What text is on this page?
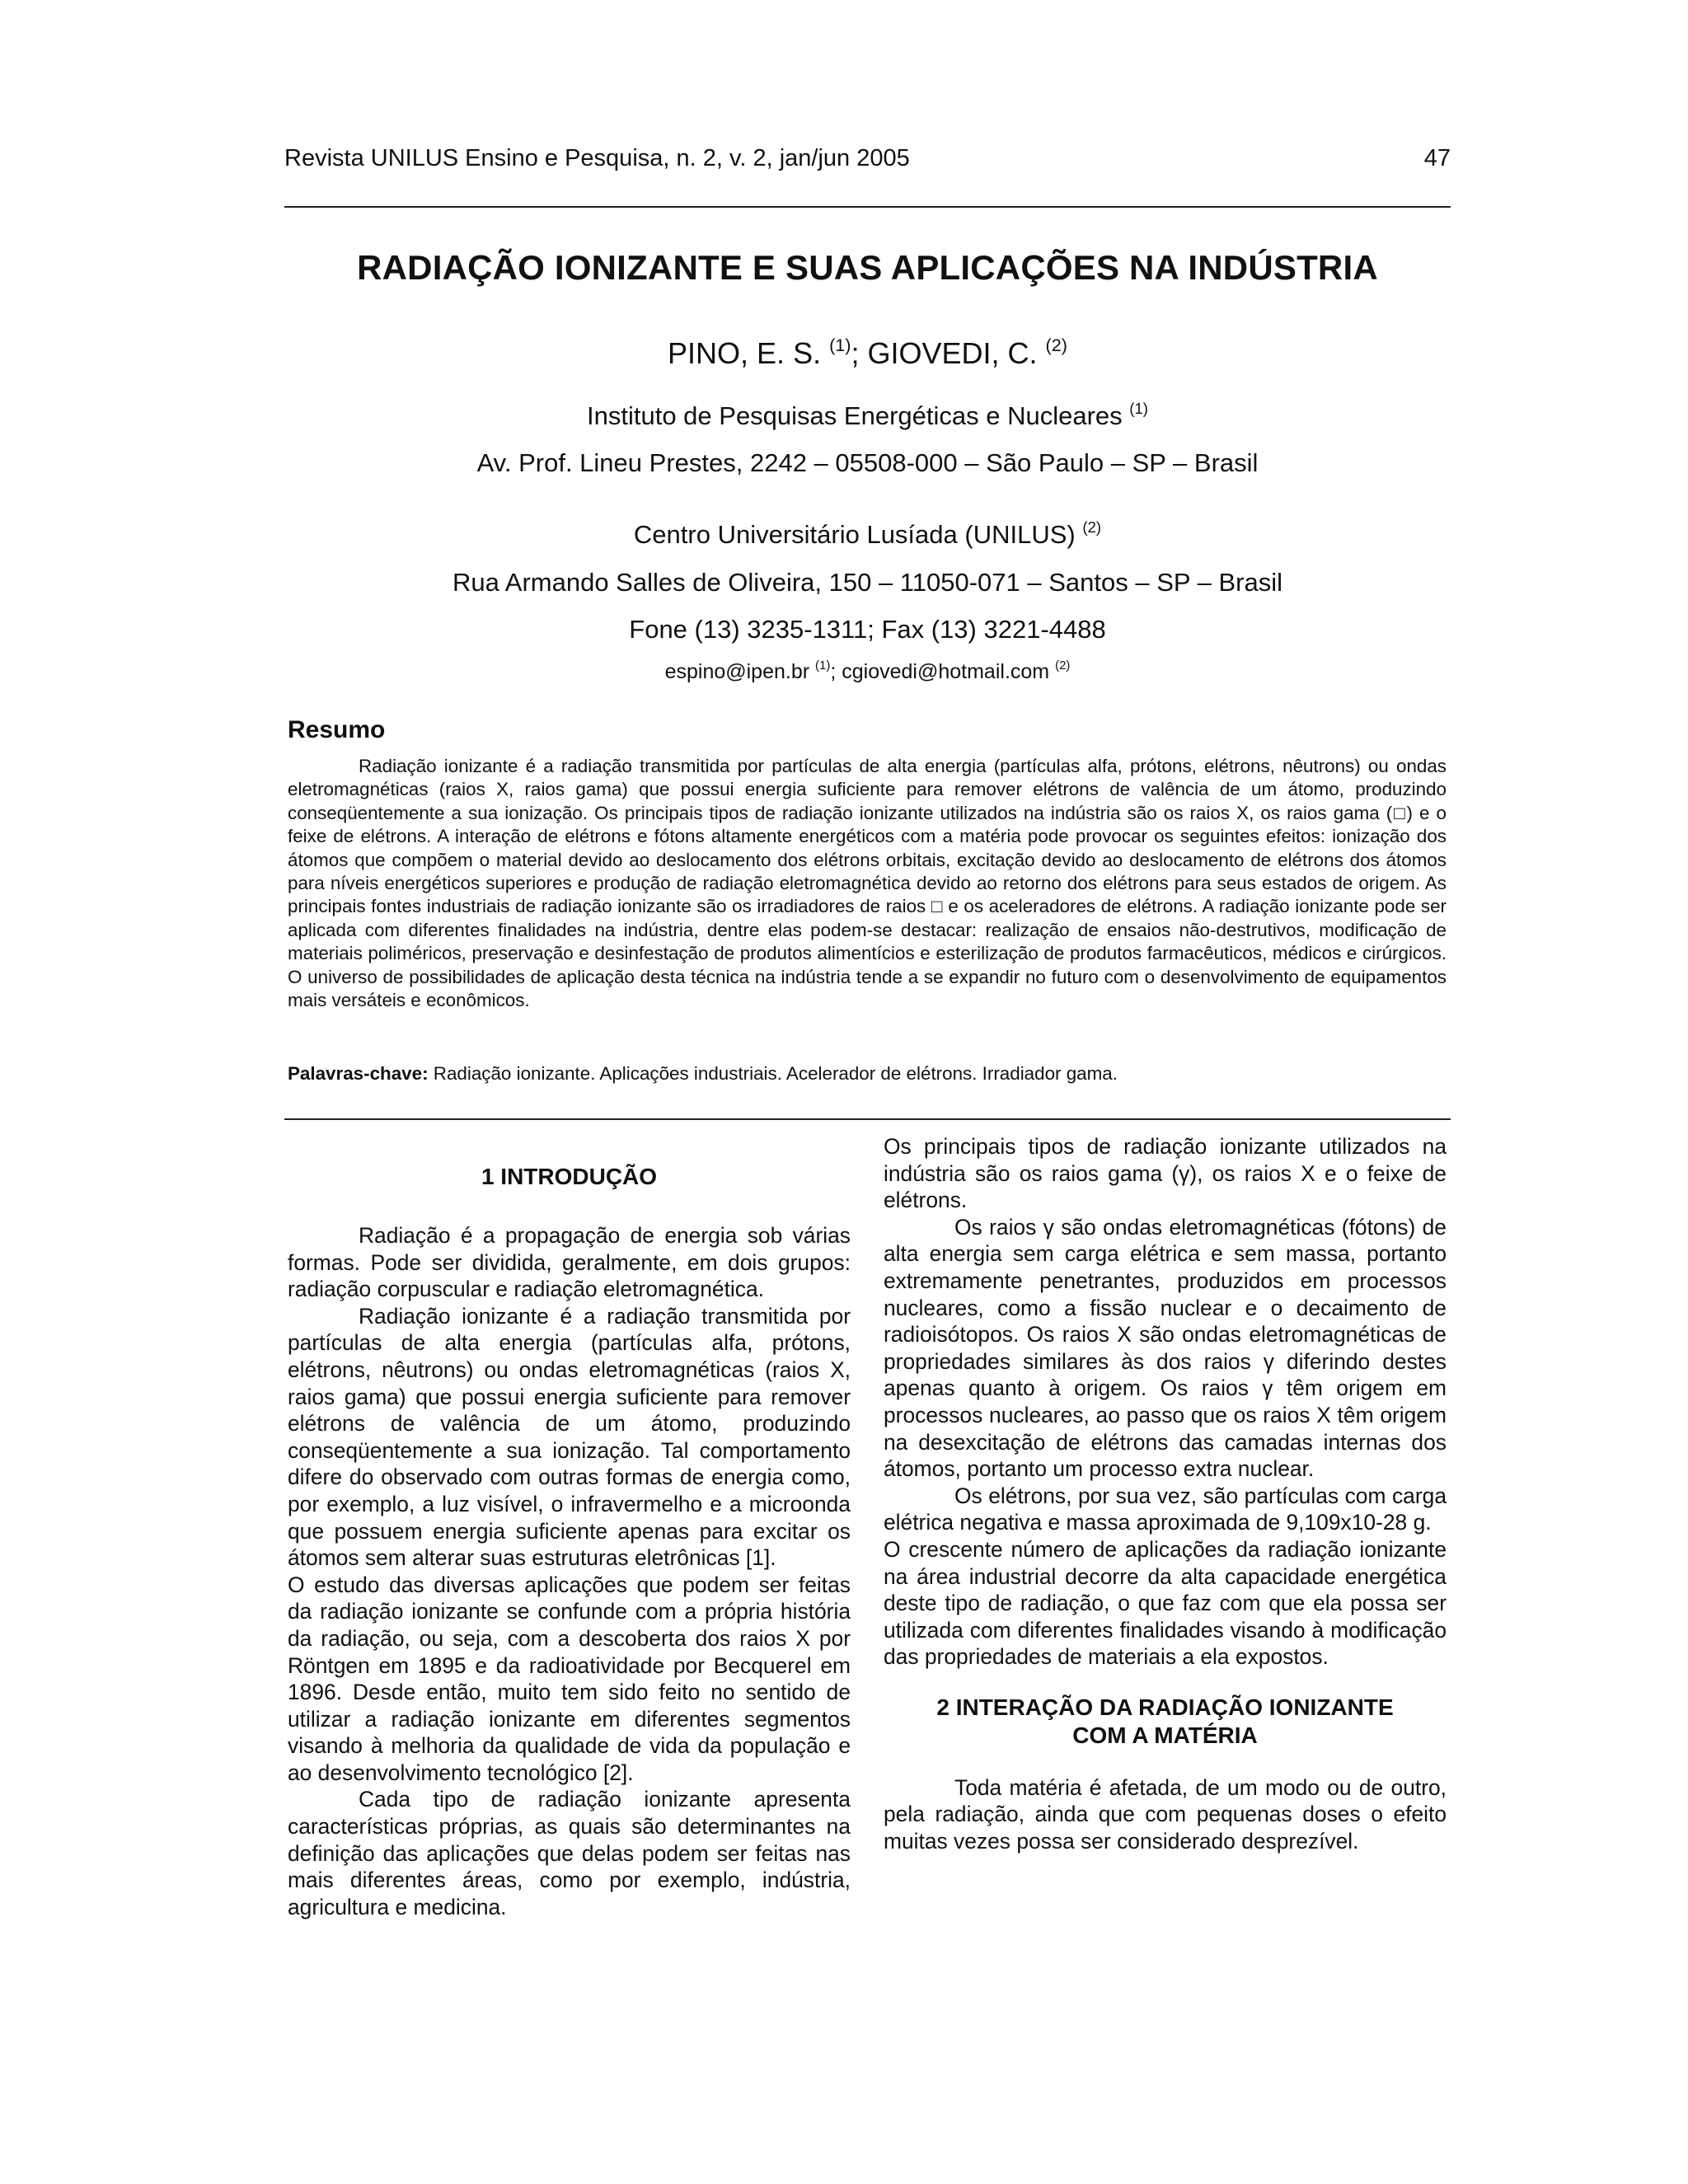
Revista UNILUS Ensino e Pesquisa, n. 2, v. 2, jan/jun 2005	47
RADIAÇÃO IONIZANTE E SUAS APLICAÇÕES NA INDÚSTRIA
PINO, E. S. $^{(1)}$; GIOVEDI, C. $^{(2)}$
Instituto de Pesquisas Energéticas e Nucleares $^{(1)}$
Av. Prof. Lineu Prestes, 2242 – 05508-000 – São Paulo – SP – Brasil
Centro Universitário Lusíada (UNILUS) $^{(2)}$
Rua Armando Salles de Oliveira, 150 – 11050-071 – Santos – SP – Brasil
Fone (13) 3235-1311; Fax (13) 3221-4488
espino@ipen.br $^{(1)}$; cgiovedi@hotmail.com $^{(2)}$
Resumo

Radiação ionizante é a radiação transmitida por partículas de alta energia (partículas alfa, prótons, elétrons, nêutrons) ou ondas eletromagnéticas (raios X, raios gama) que possui energia suficiente para remover elétrons de valência de um átomo, produzindo conseqüentemente a sua ionização. Os principais tipos de radiação ionizante utilizados na indústria são os raios X, os raios gama (□) e o feixe de elétrons. A interação de elétrons e fótons altamente energéticos com a matéria pode provocar os seguintes efeitos: ionização dos átomos que compõem o material devido ao deslocamento dos elétrons orbitais, excitação devido ao deslocamento de elétrons dos átomos para níveis energéticos superiores e produção de radiação eletromagnética devido ao retorno dos elétrons para seus estados de origem. As principais fontes industriais de radiação ionizante são os irradiadores de raios □ e os aceleradores de elétrons. A radiação ionizante pode ser aplicada com diferentes finalidades na indústria, dentre elas podem-se destacar: realização de ensaios não-destrutivos, modificação de materiais poliméricos, preservação e desinfestação de produtos alimentícios e esterilização de produtos farmacêuticos, médicos e cirúrgicos. O universo de possibilidades de aplicação desta técnica na indústria tende a se expandir no futuro com o desenvolvimento de equipamentos mais versáteis e econômicos.

Palavras-chave: Radiação ionizante. Aplicações industriais. Acelerador de elétrons. Irradiador gama.
1 INTRODUÇÃO

Radiação é a propagação de energia sob várias formas. Pode ser dividida, geralmente, em dois grupos: radiação corpuscular e radiação eletromagnética.

Radiação ionizante é a radiação transmitida por partículas de alta energia (partículas alfa, prótons, elétrons, nêutrons) ou ondas eletromagnéticas (raios X, raios gama) que possui energia suficiente para remover elétrons de valência de um átomo, produzindo conseqüentemente a sua ionização. Tal comportamento difere do observado com outras formas de energia como, por exemplo, a luz visível, o infravermelho e a microonda que possuem energia suficiente apenas para excitar os átomos sem alterar suas estruturas eletrônicas [1].

O estudo das diversas aplicações que podem ser feitas da radiação ionizante se confunde com a própria história da radiação, ou seja, com a descoberta dos raios X por Röntgen em 1895 e da radioatividade por Becquerel em 1896. Desde então, muito tem sido feito no sentido de utilizar a radiação ionizante em diferentes segmentos visando à melhoria da qualidade de vida da população e ao desenvolvimento tecnológico [2].

Cada tipo de radiação ionizante apresenta características próprias, as quais são determinantes na definição das aplicações que delas podem ser feitas nas mais diferentes áreas, como por exemplo, indústria, agricultura e medicina.

Os principais tipos de radiação ionizante utilizados na indústria são os raios gama (γ), os raios X e o feixe de elétrons.

Os raios γ são ondas eletromagnéticas (fótons) de alta energia sem carga elétrica e sem massa, portanto extremamente penetrantes, produzidos em processos nucleares, como a fissão nuclear e o decaimento de radioisótopos. Os raios X são ondas eletromagnéticas de propriedades similares às dos raios γ diferindo destes apenas quanto à origem. Os raios γ têm origem em processos nucleares, ao passo que os raios X têm origem na desexcitação de elétrons das camadas internas dos átomos, portanto um processo extra nuclear.

Os elétrons, por sua vez, são partículas com carga elétrica negativa e massa aproximada de 9,109x10-28 g.

O crescente número de aplicações da radiação ionizante na área industrial decorre da alta capacidade energética deste tipo de radiação, o que faz com que ela possa ser utilizada com diferentes finalidades visando à modificação das propriedades de materiais a ela expostos.

2 INTERAÇÃO DA RADIAÇÃO IONIZANTE
COM A MATÉRIA

Toda matéria é afetada, de um modo ou de outro, pela radiação, ainda que com pequenas doses o efeito muitas vezes possa ser considerado desprezível.
